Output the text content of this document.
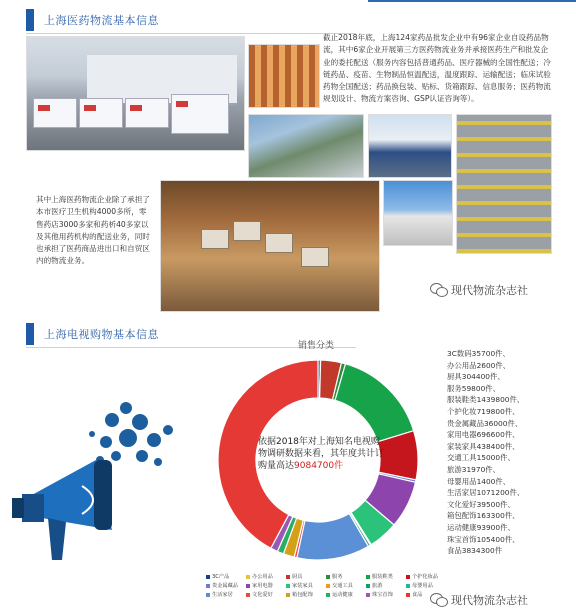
上海医药物流基本信息
截止2018年底，上海124家药品批发企业中有96家企业自设药品物流，其中6家企业开展第三方医药物流业务并承接医药生产和批发企业的委托配送（服务内容包括普通药品、医疗器械的全国性配送；冷链药品、疫苗、生物制品恒温配送，温度跟踪、运输配送；临床试验药物全国配送；药品换包装、贴标、货箱跟踪、信息服务；医药物流规划设计、物流方案咨询、GSP认证咨询等）。
其中上海医药物流企业除了承担了本市医疗卫生机构4000多所，零售药店3000多家和药析40多家以及其他用药机构的配送业务，同时也承担了医药商品进出口和自贸区内的物流业务。
现代物流杂志社
上海电视购物基本信息
销售分类
依据2018年对上海知名电视购物调研数据来看，其年度共计订购量高达9084700件
3C产品	办公用品	厨具	服务	服装鞋类	个护化妆品
贵金属藏品	家用电器	家装家具	交通工具	旅游	母婴用品
生活家居	文化爱好	箱包配饰	运动健康	珠宝首饰	食品
3C数码35700件、
办公用品2600件、
厨具304400件、
服务59800件、
服装鞋类1439800件、
个护化妆719800件、
贵金属藏品36000件、
家用电器696600件、
家装家具438400件、
交通工具15000件、
旅游31970件、
母婴用品1400件、
生活家居1071200件、
文化爱好39500件、
箱包配饰163300件、
运动健康93900件、
珠宝首饰105400件、
食品3834300件
现代物流杂志社
